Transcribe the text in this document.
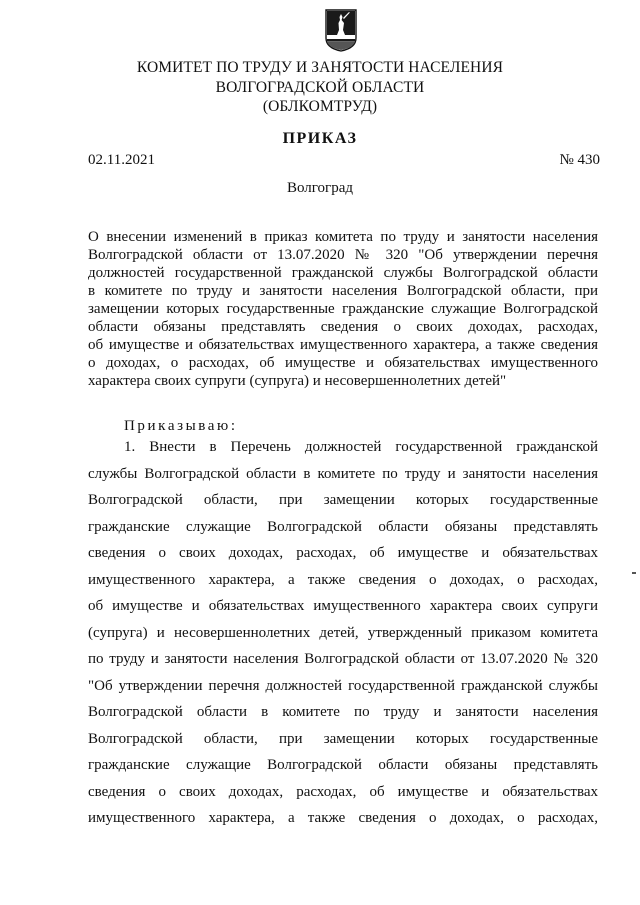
КОМИТЕТ ПО ТРУДУ И ЗАНЯТОСТИ НАСЕЛЕНИЯ
ВОЛГОГРАДСКОЙ ОБЛАСТИ
(ОБЛКОМТРУД)
ПРИКАЗ
02.11.2021	№ 430
Волгоград
О внесении изменений в приказ комитета по труду и занятости населения
Волгоградской области от 13.07.2020 № 320 "Об утверждении перечня
должностей государственной гражданской службы Волгоградской области
в комитете по труду и занятости населения Волгоградской области, при
замещении которых государственные гражданские служащие Волгоградской
области обязаны представлять сведения о своих доходах, расходах,
об имуществе и обязательствах имущественного характера, а также сведения
о доходах, о расходах, об имуществе и обязательствах имущественного
характера своих супруги (супруга) и несовершеннолетних детей"
Приказываю:
1. Внести в Перечень должностей государственной гражданской
службы Волгоградской области в комитете по труду и занятости населения
Волгоградской области, при замещении которых государственные
гражданские служащие Волгоградской области обязаны представлять
сведения о своих доходах, расходах, об имуществе и обязательствах
имущественного характера, а также сведения о доходах, о расходах,
об имуществе и обязательствах имущественного характера своих супруги
(супруга) и несовершеннолетних детей, утвержденный приказом комитета
по труду и занятости населения Волгоградской области от 13.07.2020 № 320
"Об утверждении перечня должностей государственной гражданской службы
Волгоградской области в комитете по труду и занятости населения
Волгоградской области, при замещении которых государственные
гражданские служащие Волгоградской области обязаны представлять
сведения о своих доходах, расходах, об имуществе и обязательствах
имущественного характера, а также сведения о доходах, о расходах,
